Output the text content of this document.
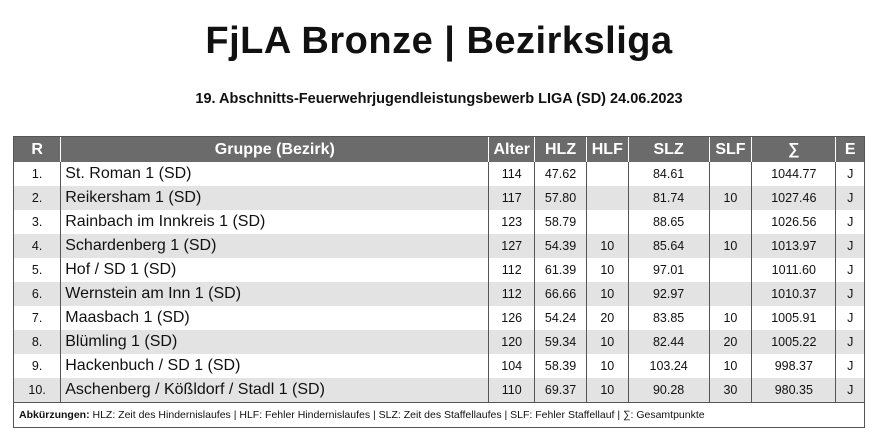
FjLA Bronze | Bezirksliga
19. Abschnitts-Feuerwehrjugendleistungsbewerb LIGA (SD) 24.06.2023
R	Gruppe (Bezirk)	Alter	HLZ	HLF	SLZ	SLF	∑	E
1.	St. Roman 1 (SD)	114	47.62		84.61		1044.77	J
2.	Reikersham 1 (SD)	117	57.80		81.74	10	1027.46	J
3.	Rainbach im Innkreis 1 (SD)	123	58.79		88.65		1026.56	J
4.	Schardenberg 1 (SD)	127	54.39	10	85.64	10	1013.97	J
5.	Hof / SD 1 (SD)	112	61.39	10	97.01		1011.60	J
6.	Wernstein am Inn 1 (SD)	112	66.66	10	92.97		1010.37	J
7.	Maasbach 1 (SD)	126	54.24	20	83.85	10	1005.91	J
8.	Blümling 1 (SD)	120	59.34	10	82.44	20	1005.22	J
9.	Hackenbuch / SD 1 (SD)	104	58.39	10	103.24	10	998.37	J
10.	Aschenberg / Kößldorf / Stadl 1 (SD)	110	69.37	10	90.28	30	980.35	J
Abkürzungen: HLZ: Zeit des Hindernislaufes | HLF: Fehler Hindernislaufes | SLZ: Zeit des Staffellaufes | SLF: Fehler Staffellauf | ∑: Gesamtpunkte
